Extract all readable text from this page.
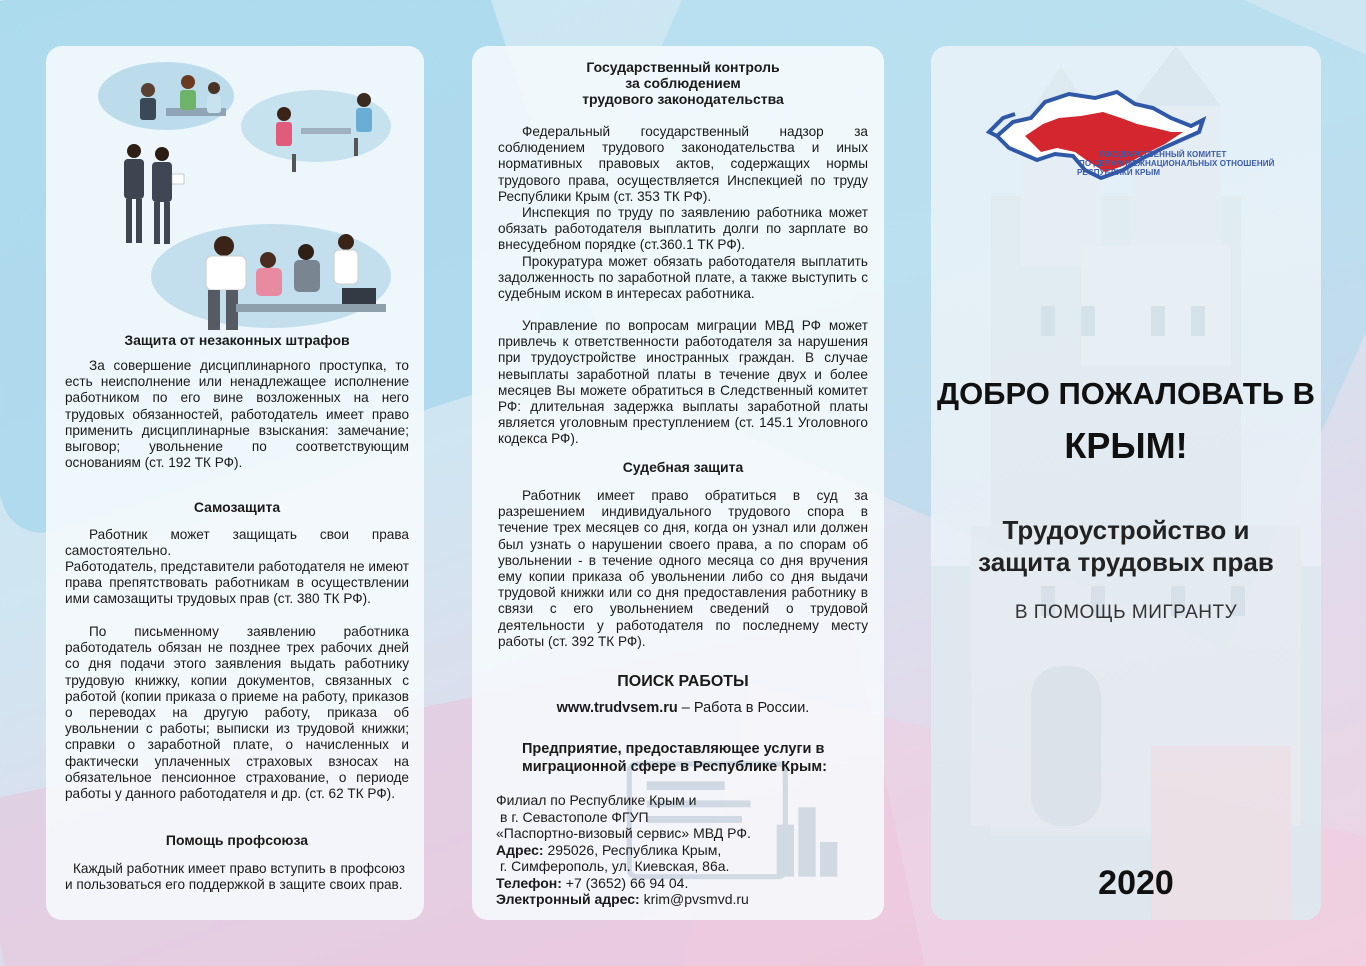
Защита от незаконных штрафов
За совершение дисциплинарного проступка, то есть неисполнение или ненадлежащее исполнение работником по его вине возложенных на него трудовых обязанностей, работодатель имеет право применить дисциплинарные взыскания: замечание; выговор; увольнение по соответствующим основаниям (ст. 192 ТК РФ).
Самозащита
Работник может защищать свои права самостоятельно.
Работодатель, представители работодателя не имеют права препятствовать работникам в осуществлении ими самозащиты трудовых прав (ст. 380 ТК РФ).
По письменному заявлению работника работодатель обязан не позднее трех рабочих дней со дня подачи этого заявления выдать работнику трудовую книжку, копии документов, связанных с работой (копии приказа о приеме на работу, приказов о переводах на другую работу, приказа об увольнении с работы; выписки из трудовой книжки; справки о заработной плате, о начисленных и фактически уплаченных страховых взносах на обязательное пенсионное страхование, о периоде работы у данного работодателя и др. (ст. 62 ТК РФ).
Помощь профсоюза
Каждый работник имеет право вступить в профсоюз и пользоваться его поддержкой в защите своих прав.
Государственный контроль
за соблюдением
трудового законодательства
Федеральный государственный надзор за соблюдением трудового законодательства и иных нормативных правовых актов, содержащих нормы трудового права, осуществляется Инспекцией по труду Республики Крым (ст. 353 ТК РФ).
Инспекция по труду по заявлению работника может обязать работодателя выплатить долги по зарплате во внесудебном порядке (ст.360.1 ТК РФ).
Прокуратура может обязать работодателя выплатить задолженность по заработной плате, а также выступить с судебным иском в интересах работника.
Управление по вопросам миграции МВД РФ может привлечь к ответственности работодателя за нарушения при трудоустройстве иностранных граждан. В случае невыплаты заработной платы в течение двух и более месяцев Вы можете обратиться в Следственный комитет РФ: длительная задержка выплаты заработной платы является уголовным преступлением (ст. 145.1 Уголовного кодекса РФ).
Судебная защита
Работник имеет право обратиться в суд за разрешением индивидуального трудового спора в течение трех месяцев со дня, когда он узнал или должен был узнать о нарушении своего права, а по спорам об увольнении - в течение одного месяца со дня вручения ему копии приказа об увольнении либо со дня выдачи трудовой книжки или со дня предоставления работнику в связи с его увольнением сведений о трудовой деятельности у работодателя по последнему месту работы (ст. 392 ТК РФ).
ПОИСК РАБОТЫ
www.trudvsem.ru – Работа в России.
Предприятие, предоставляющее услуги в
миграционной сфере в Республике Крым:
Филиал по Республике Крым и
в г. Севастополе ФГУП
«Паспортно-визовый сервис» МВД РФ.
Адрес: 295026, Республика Крым,
г. Симферополь, ул. Киевская, 86а.
Телефон: +7 (3652) 66 94 04.
Электронный адрес: krim@pvsmvd.ru
ГОСУДАРСТВЕННЫЙ КОМИТЕТ
ПО ДЕЛАМ МЕЖНАЦИОНАЛЬНЫХ ОТНОШЕНИЙ
РЕСПУБЛИКИ КРЫМ
ДОБРО ПОЖАЛОВАТЬ В
КРЫМ!
Трудоустройство и
защита трудовых прав
В ПОМОЩЬ МИГРАНТУ
2020
